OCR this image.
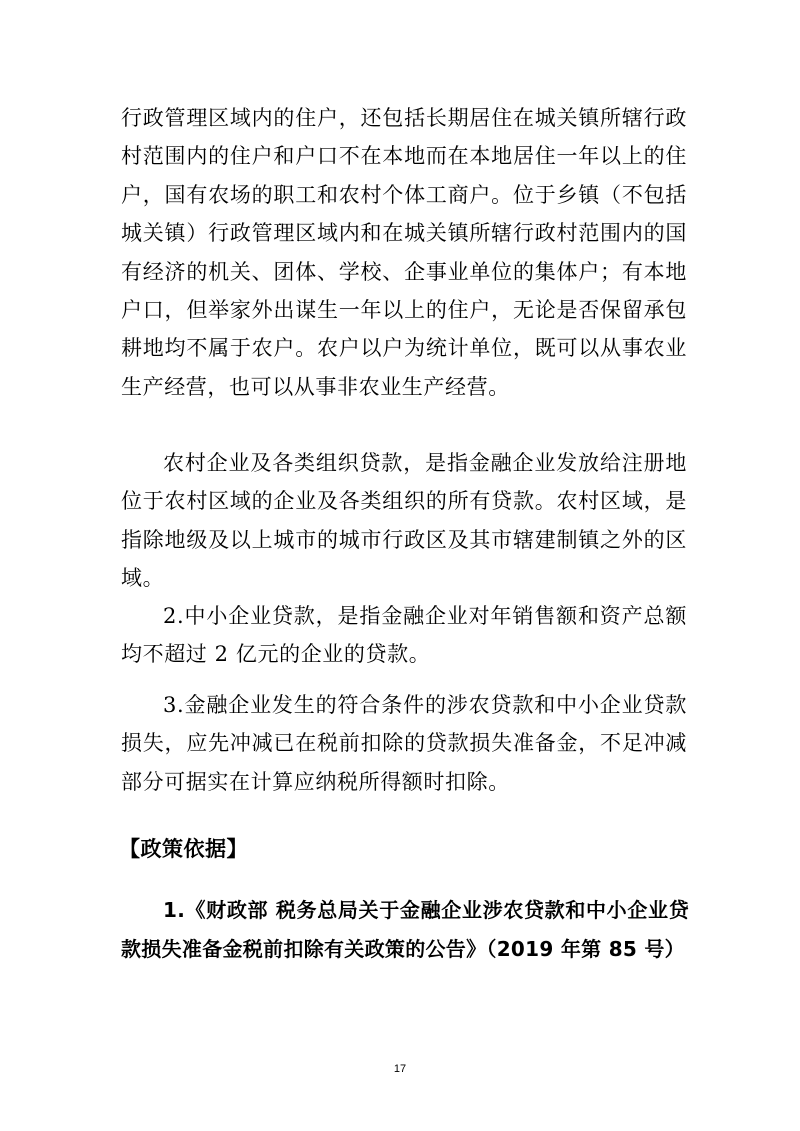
行政管理区域内的住户，还包括长期居住在城关镇所辖行政村范围内的住户和户口不在本地而在本地居住一年以上的住户，国有农场的职工和农村个体工商户。位于乡镇（不包括城关镇）行政管理区域内和在城关镇所辖行政村范围内的国有经济的机关、团体、学校、企事业单位的集体户；有本地户口，但举家外出谋生一年以上的住户，无论是否保留承包耕地均不属于农户。农户以户为统计单位，既可以从事农业生产经营，也可以从事非农业生产经营。

农村企业及各类组织贷款，是指金融企业发放给注册地位于农村区域的企业及各类组织的所有贷款。农村区域，是指除地级及以上城市的城市行政区及其市辖建制镇之外的区域。

2.中小企业贷款，是指金融企业对年销售额和资产总额均不超过 2 亿元的企业的贷款。

3.金融企业发生的符合条件的涉农贷款和中小企业贷款损失，应先冲减已在税前扣除的贷款损失准备金，不足冲减部分可据实在计算应纳税所得额时扣除。

【政策依据】

1.《财政部 税务总局关于金融企业涉农贷款和中小企业贷款损失准备金税前扣除有关政策的公告》（2019 年第 85 号）

17
